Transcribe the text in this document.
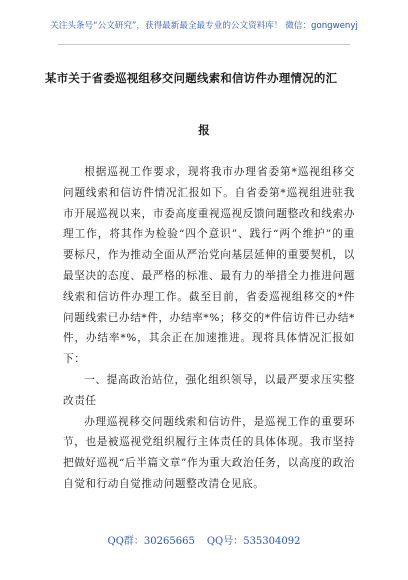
关注头条号“公文研究”，获得最新最全最专业的公文资料库！ 微信：gongwenyj
某市关于省委巡视组移交问题线索和信访件办理情况的汇
报

根据巡视工作要求，现将我市办理省委第*巡视组移交问题线索和信访件情况汇报如下。自省委第*巡视组进驻我市开展巡视以来，市委高度重视巡视反馈问题整改和线索办理工作，将其作为检验“四个意识”、践行“两个维护”的重要标尺，作为推动全面从严治党向基层延伸的重要契机，以最坚决的态度、最严格的标准、最有力的举措全力推进问题线索和信访件办理工作。截至目前，省委巡视组移交的*件问题线索已办结*件，办结率*%；移交的*件信访件已办结*件，办结率*%，其余正在加速推进。现将具体情况汇报如下：

一、提高政治站位，强化组织领导，以最严要求压实整改责任

办理巡视移交问题线索和信访件，是巡视工作的重要环节，也是被巡视党组织履行主体责任的具体体现。我市坚持把做好巡视“后半篇文章”作为重大政治任务，以高度的政治自觉和行动自觉推动问题整改清仓见底。

QQ群：30265665 QQ号：535304092
